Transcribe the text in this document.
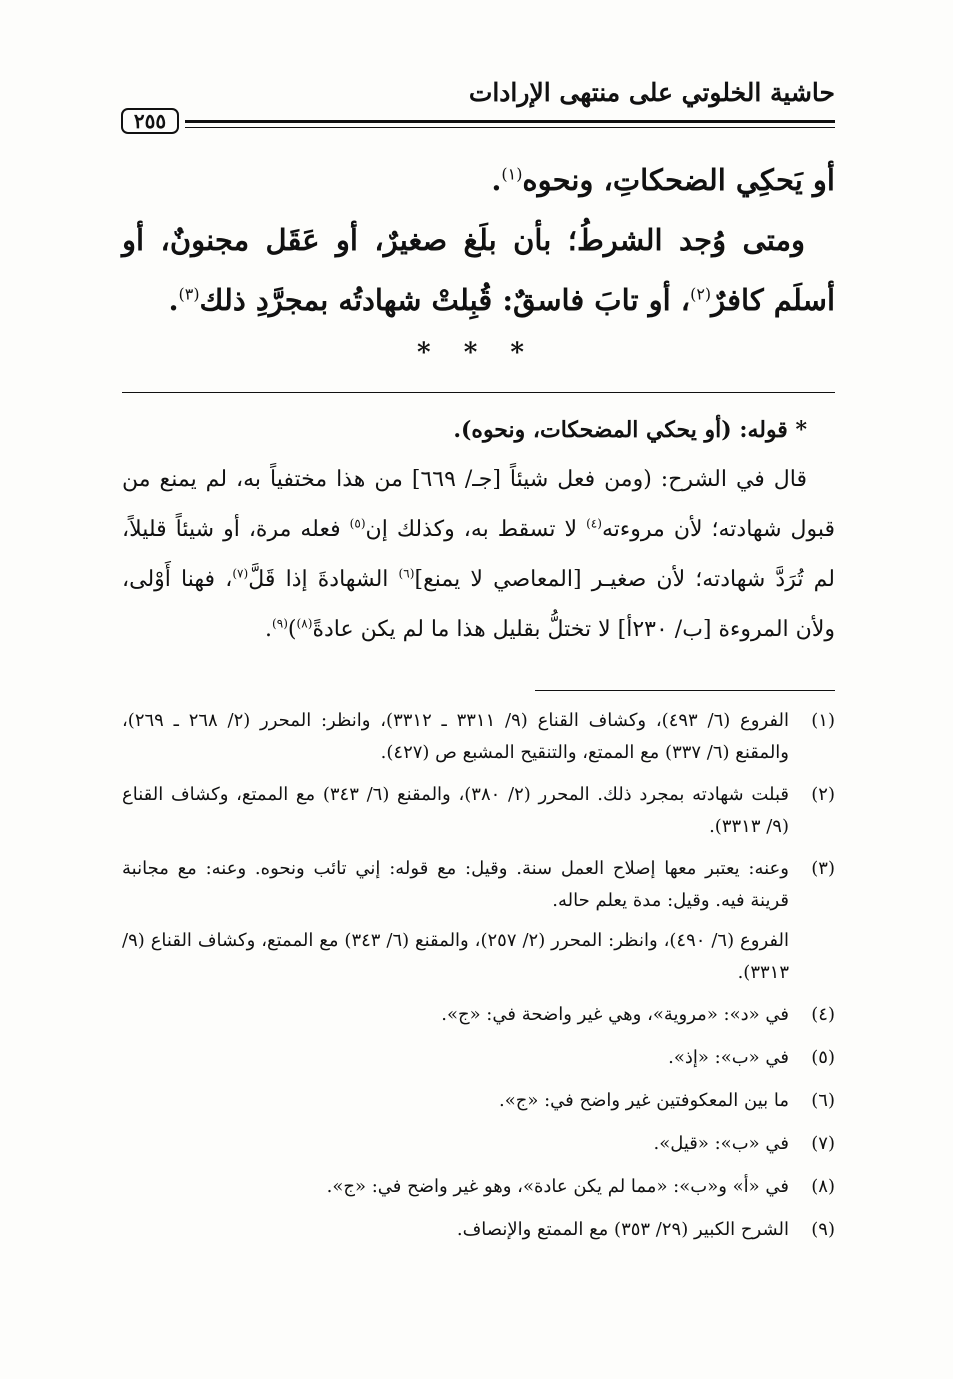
حاشية الخلوتي على منتهى الإرادات
٢٥٥

أو يَحكِي الضحكاتِ، ونحوه$^{(١)}$.

ومتى وُجد الشرطُ؛ بأن بلَغ صغيرٌ، أو عَقَل مجنونٌ، أو أسلَم كافرٌ$^{(٢)}$، أو تابَ فاسقٌ: قُبِلتْ شهادتُه بمجرَّدِ ذلك$^{(٣)}$.

* * *

* قوله: (أو يحكي المضحكات، ونحوه).

قال في الشرح: (ومن فعل شيئاً [جـ/ ٦٦٩] من هذا مختفياً به، لم يمنع من قبول شهادته؛ لأن مروءته$^{(٤)}$ لا تسقط به، وكذلك إن$^{(٥)}$ فعله مرة، أو شيئاً قليلاً، لم تُرَدَّ شهادته؛ لأن صغيـر [المعاصي لا يمنع]$^{(٦)}$ الشهادةَ إذا قَلَّ$^{(٧)}$، فهنا أَوْلى، ولأن المروءة [ب/ ٢٣٠أ] لا تختلُّ بقليل هذا ما لم يكن عادةً$^{(٨)}$)$^{(٩)}$.

(١)
الفروع (٦/ ٤٩٣)، وكشاف القناع (٩/ ٣٣١١ ـ ٣٣١٢)، وانظر: المحرر (٢/ ٢٦٨ ـ ٢٦٩)، والمقنع (٦/ ٣٣٧) مع الممتع، والتنقيح المشبع ص (٤٢٧).
(٢)
قبلت شهادته بمجرد ذلك. المحرر (٢/ ٣٨٠)، والمقنع (٦/ ٣٤٣) مع الممتع، وكشاف القناع (٩/ ٣٣١٣).
(٣)
وعنه: يعتبر معها إصلاح العمل سنة. وقيل: مع قوله: إني تائب ونحوه. وعنه: مع مجانبة قرينة فيه. وقيل: مدة يعلم حاله.
الفروع (٦/ ٤٩٠)، وانظر: المحرر (٢/ ٢٥٧)، والمقنع (٦/ ٣٤٣) مع الممتع، وكشاف القناع (٩/ ٣٣١٣).
(٤)
في «د»: «مروية»، وهي غير واضحة في: «ج».
(٥)
في «ب»: «إذ».
(٦)
ما بين المعكوفتين غير واضح في: «ج».
(٧)
في «ب»: «قيل».
(٨)
في «أ» و«ب»: «مما لم يكن عادة»، وهو غير واضح في: «ج».
(٩)
الشرح الكبير (٢٩/ ٣٥٣) مع الممتع والإنصاف.
